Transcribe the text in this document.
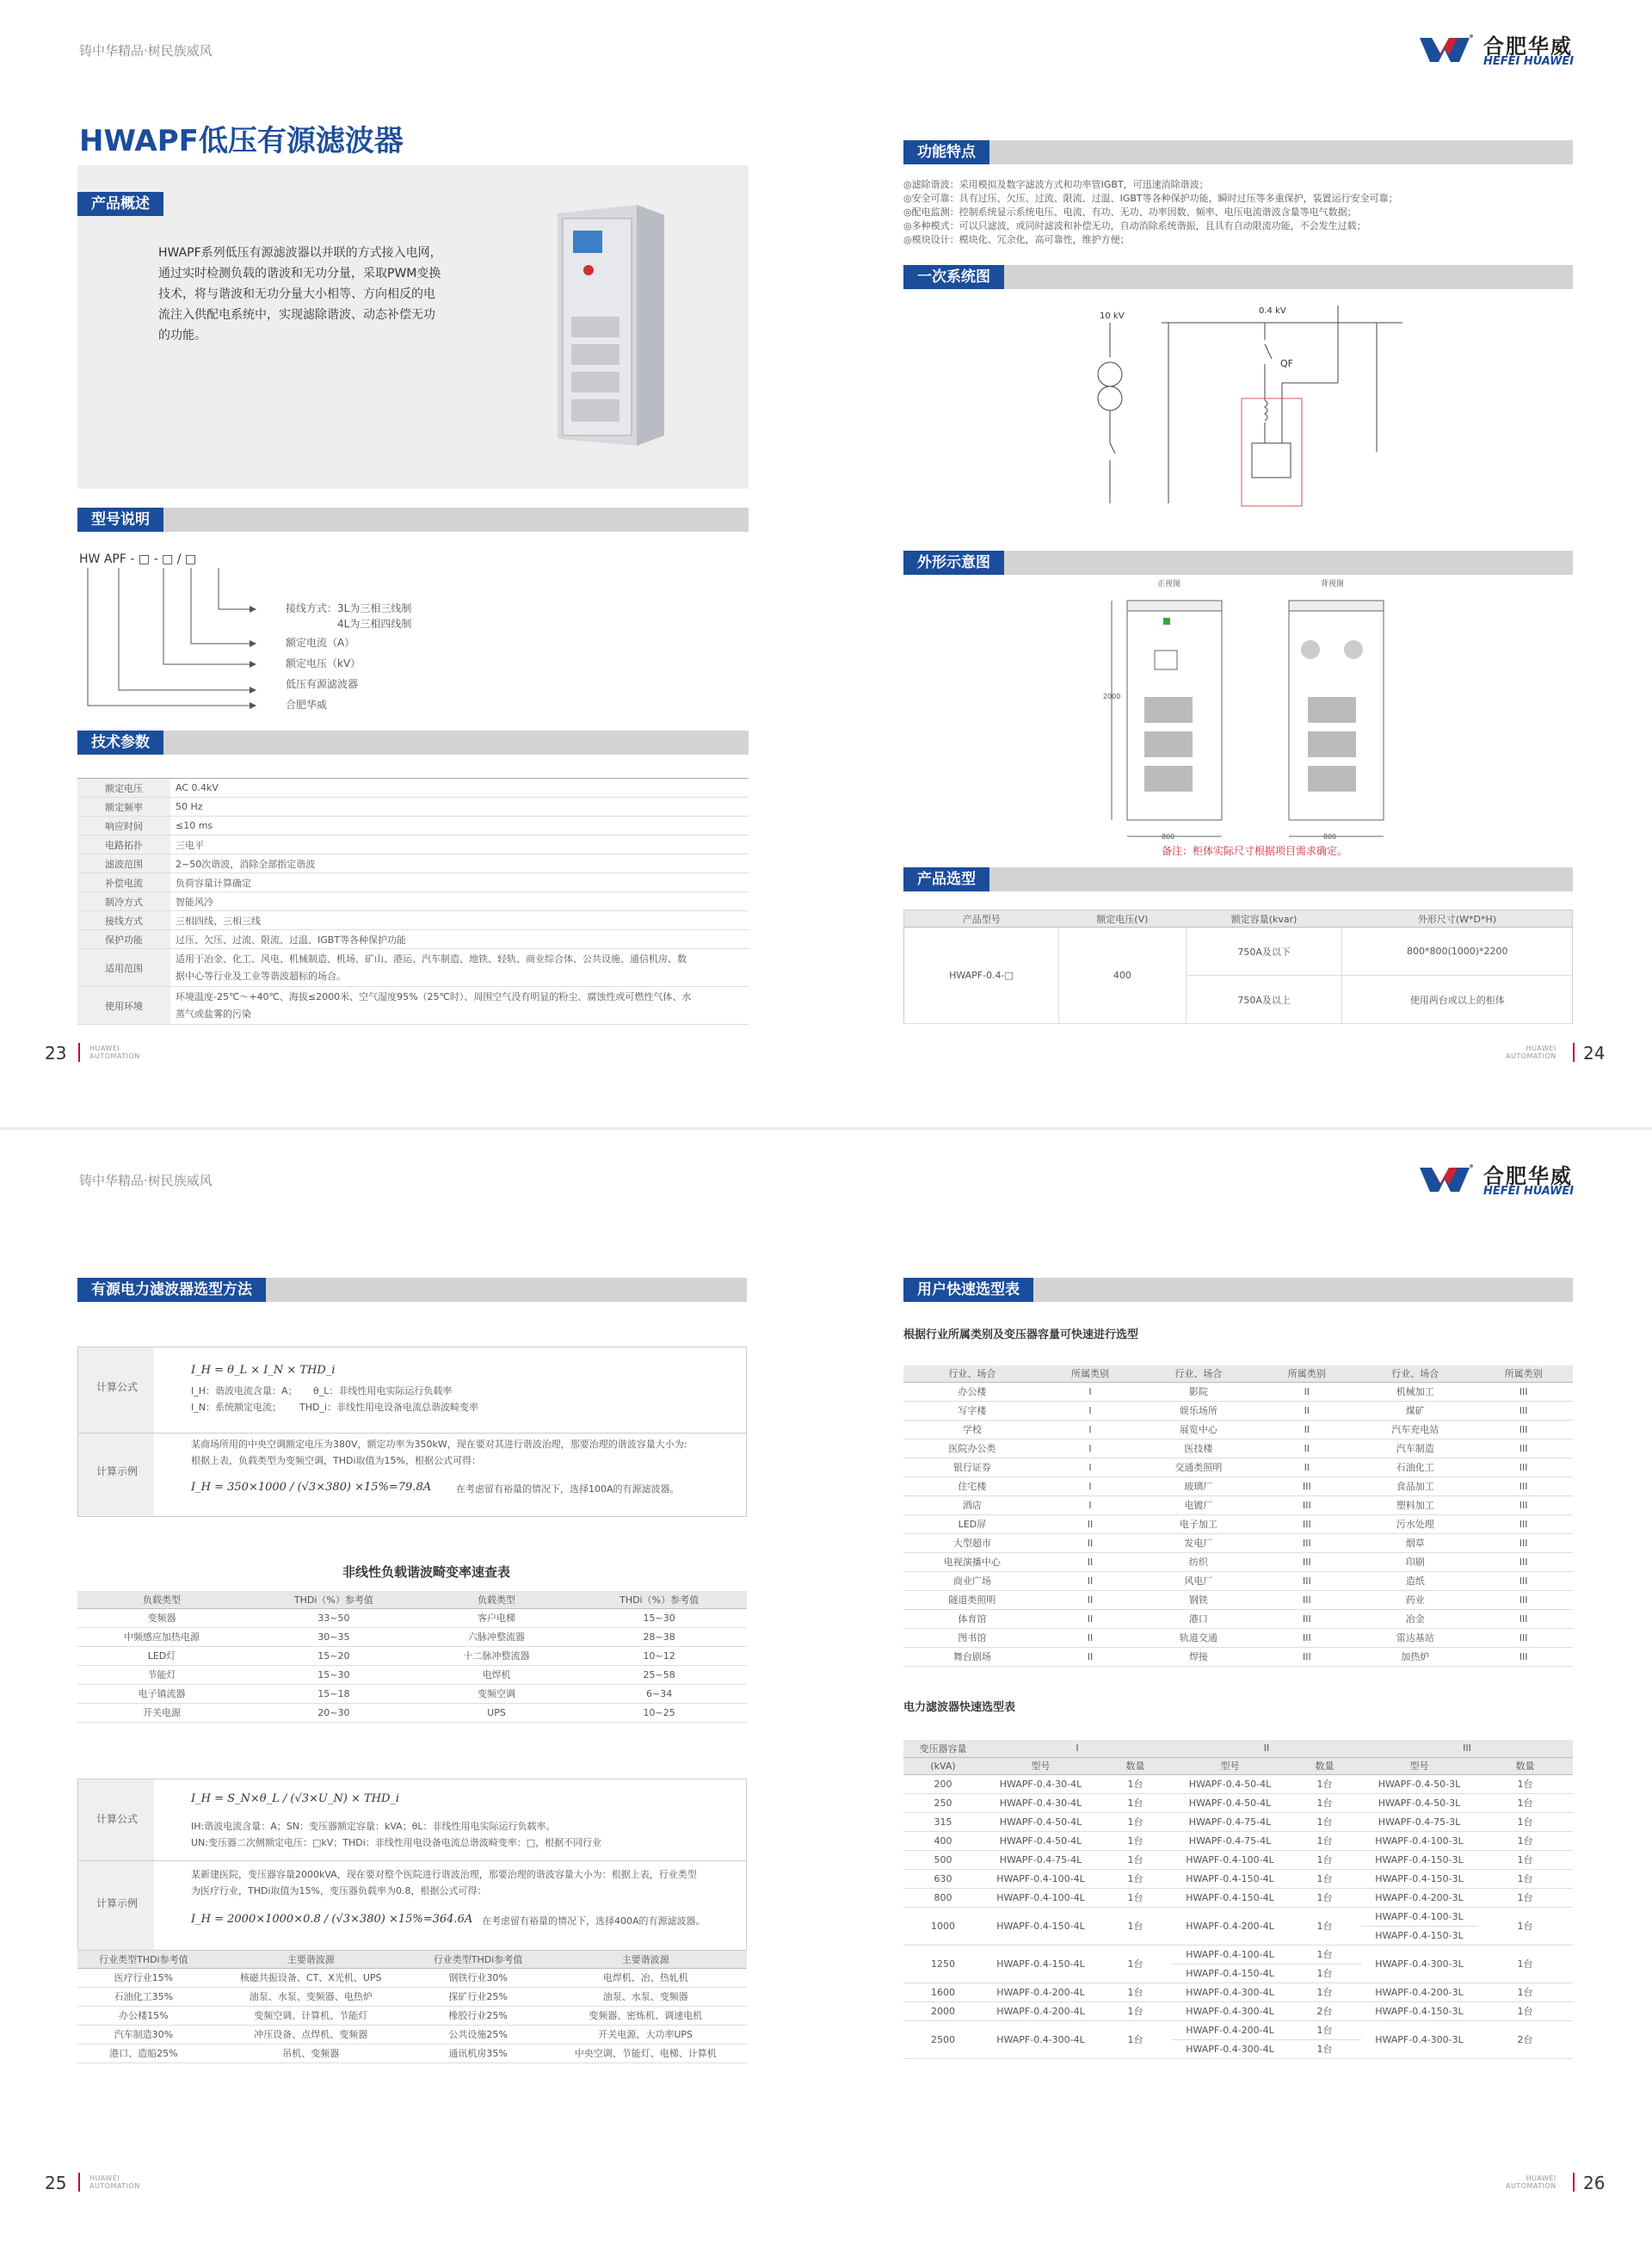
铸中华精品·树民族威风	合肥华威
HEFEI HUAWEI
HWAPF低压有源滤波器
产品概述
HWAPF系列低压有源滤波器以并联的方式接入电网，
通过实时检测负载的谐波和无功分量，采取PWM变换
技术，将与谐波和无功分量大小相等、方向相反的电
流注入供配电系统中，实现滤除谐波、动态补偿无功
的功能。
型号说明
HW APF - □ - □ / □
接线方式：3L为三相三线制
4L为三相四线制
额定电流（A）
额定电压（kV）
低压有源滤波器
合肥华威
技术参数
额定电压	AC 0.4kV
额定频率	50 Hz
响应时间	≤10 ms
电路拓扑	三电平
滤波范围	2~50次谐波，消除全部指定谐波
补偿电流	负荷容量计算确定
制冷方式	智能风冷
接线方式	三相四线、三相三线
保护功能	过压、欠压、过流、限流、过温、IGBT等各种保护功能
适用范围	适用于冶金、化工、风电、机械制造、机场、矿山、港运、汽车制造、地铁、轻轨、商业综合体、公共设施、通信机房、数
据中心等行业及工业等谐波超标的场合。

使用环境	环境温度-25℃～+40℃、海拔≤2000米、空气湿度95%（25℃时）、周围空气没有明显的粉尘、腐蚀性或可燃性气体、水
蒸气或盐雾的污染
23	HUAWEI
AUTOMATION
功能特点
◎滤除谐波：采用模拟及数字滤波方式和功率管IGBT，可迅速消除谐波；
◎安全可靠：具有过压、欠压、过流、限流、过温、IGBT等各种保护功能，瞬时过压等多重保护，装置运行安全可靠；
◎配电监测：控制系统显示系统电压、电流、有功、无功、功率因数、频率、电压电流谐波含量等电气数据；
◎多种模式：可以只滤波，或同时滤波和补偿无功，自动消除系统谐振，且具有自动限流功能，不会发生过载；
◎模块设计：模块化、冗余化，高可靠性，维护方便；
一次系统图
10 kV
0.4 kV
QF
外形示意图
正视图	背视图
2000
800	800
备注：柜体实际尺寸根据项目需求确定。
产品选型
产品型号	额定电压(V)	额定容量(kvar)	外形尺寸(W*D*H)
HWAPF-0.4-□	400	750A及以下	800*800(1000)*2200
		750A及以上	使用两台或以上的柜体
HUAWEI
AUTOMATION 24
铸中华精品·树民族威风	合肥华威
HEFEI HUAWEI
有源电力滤波器选型方法
计算公式
I_H = θ_L × I_N × THD_i
I_H：谐波电流含量：A； θ_L：非线性用电实际运行负载率
I_N：系统额定电流； THD_i：非线性用电设备电流总谐波畸变率
计算示例
某商场所用的中央空调额定电压为380V，额定功率为350kW，现在要对其进行谐波治理，那要治理的谐波容量大小为:
根据上表，负载类型为变频空调，THDi取值为15%，根据公式可得：
I_H = 350×1000 / (√3×380) ×15%=79.8A	在考虑留有裕量的情况下，选择100A的有源滤波器。
非线性负载谐波畸变率速查表
负载类型	THDi（%）参考值	负载类型	THDi（%）参考值
变频器	33~50	客户电梯	15~30
中频感应加热电源	30~35	六脉冲整流器	28~38
LED灯	15~20	十二脉冲整流器	10~12
节能灯	15~30	电焊机	25~58
电子镇流器	15~18	变频空调	6~34
开关电源	20~30	UPS	10~25
计算公式
I_H = S_N×θ_L / (√3×U_N) × THD_i
IH:谐波电流含量：A；SN：变压器额定容量：kVA；θL：非线性用电实际运行负载率。
UN:变压器二次侧额定电压：□kV；THDi：非线性用电设备电流总谐波畸变率：□，根据不同行业
计算示例
某新建医院，变压器容量2000kVA，现在要对整个医院进行谐波治理，那要治理的谐波容量大小为：根据上表，行业类型
为医疗行业，THDi取值为15%，变压器负载率为0.8，根据公式可得：
I_H = 2000×1000×0.8 / (√3×380) ×15%=364.6A 在考虑留有裕量的情况下，选择400A的有源滤波器。
行业类型THDi参考值	主要谐波源	行业类型THDi参考值	主要谐波源
医疗行业15%	核磁共振设备、CT、X光机、UPS	钢铁行业30%	电焊机、冶、热轧机
石油化工35%	油泵、水泵、变频器、电热炉	探矿行业25%	油泵、水泵、变频器
办公楼15%	变频空调、计算机、节能灯	橡胶行业25%	变频器、密炼机、调速电机
汽车制造30%	冲压设备、点焊机、变频器	公共设施25%	开关电源、大功率UPS
港口、造船25%	吊机、变频器	通讯机房35%	中央空调、节能灯、电梯、计算机
25	HUAWEI
AUTOMATION
用户快速选型表
根据行业所属类别及变压器容量可快速进行选型
行业、场合	所属类别	行业、场合	所属类别	行业、场合	所属类别
办公楼	I	影院	II	机械加工	III
写字楼	I	娱乐场所	II	煤矿	III
学校	I	展览中心	II	汽车充电站	III
医院办公类	I	医技楼	II	汽车制造	III
银行证券	I	交通类照明	II	石油化工	III
住宅楼	I	玻璃厂	III	食品加工	III
酒店	I	电镀厂	III	塑料加工	III
LED屏	II	电子加工	III	污水处理	III
大型超市	II	发电厂	III	烟草	III
电视演播中心	II	纺织	III	印刷	III
商业广场	II	风电厂	III	造纸	III
隧道类照明	II	钢铁	III	药业	III
体育馆	II	港口	III	冶金	III
图书馆	II	轨道交通	III	雷达基站	III
舞台剧场	II	焊接	III	加热炉	III
电力滤波器快速选型表
变压器容量	I		II		III	
(kVA)	型号	数量	型号	数量	型号	数量
200	HWAPF-0.4-30-4L	1台	HWAPF-0.4-50-4L	1台	HWAPF-0.4-50-3L	1台
250	HWAPF-0.4-30-4L	1台	HWAPF-0.4-50-4L	1台	HWAPF-0.4-50-3L	1台
315	HWAPF-0.4-50-4L	1台	HWAPF-0.4-75-4L	1台	HWAPF-0.4-75-3L	1台
400	HWAPF-0.4-50-4L	1台	HWAPF-0.4-75-4L	1台	HWAPF-0.4-100-3L	1台
500	HWAPF-0.4-75-4L	1台	HWAPF-0.4-100-4L	1台	HWAPF-0.4-150-3L	1台
630	HWAPF-0.4-100-4L	1台	HWAPF-0.4-150-4L	1台	HWAPF-0.4-150-3L	1台
800	HWAPF-0.4-100-4L	1台	HWAPF-0.4-150-4L	1台	HWAPF-0.4-200-3L	1台
1000	HWAPF-0.4-150-4L	1台	HWAPF-0.4-200-4L	1台	HWAPF-0.4-100-3L	1台
					HWAPF-0.4-150-3L	
1250	HWAPF-0.4-150-4L	1台	HWAPF-0.4-100-4L	1台	HWAPF-0.4-300-3L	1台
			HWAPF-0.4-150-4L	1台		
1600	HWAPF-0.4-200-4L	1台	HWAPF-0.4-300-4L	1台	HWAPF-0.4-200-3L	1台
2000	HWAPF-0.4-200-4L	1台	HWAPF-0.4-300-4L	2台	HWAPF-0.4-150-3L	1台
2500	HWAPF-0.4-300-4L	1台	HWAPF-0.4-200-4L	1台	HWAPF-0.4-300-3L	2台
			HWAPF-0.4-300-4L	1台		
HUAWEI
AUTOMATION 26
